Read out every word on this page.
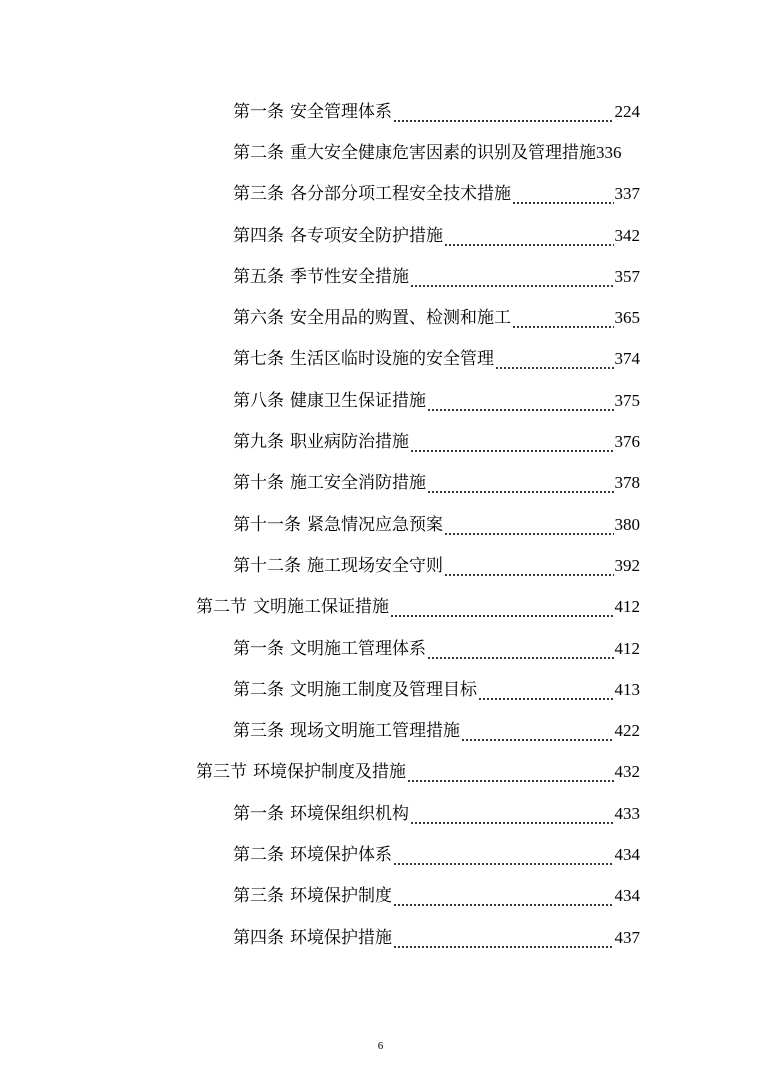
第一条 安全管理体系	224
第二条 重大安全健康危害因素的识别及管理措施 336
第三条 各分部分项工程安全技术措施	337
第四条 各专项安全防护措施	342
第五条 季节性安全措施	357
第六条 安全用品的购置、检测和施工	365
第七条 生活区临时设施的安全管理	374
第八条 健康卫生保证措施	375
第九条 职业病防治措施	376
第十条 施工安全消防措施	378
第十一条 紧急情况应急预案	380
第十二条 施工现场安全守则	392
第二节 文明施工保证措施	412
第一条 文明施工管理体系	412
第二条 文明施工制度及管理目标	413
第三条 现场文明施工管理措施	422
第三节 环境保护制度及措施	432
第一条 环境保组织机构	433
第二条 环境保护体系	434
第三条 环境保护制度	434
第四条 环境保护措施	437
6
